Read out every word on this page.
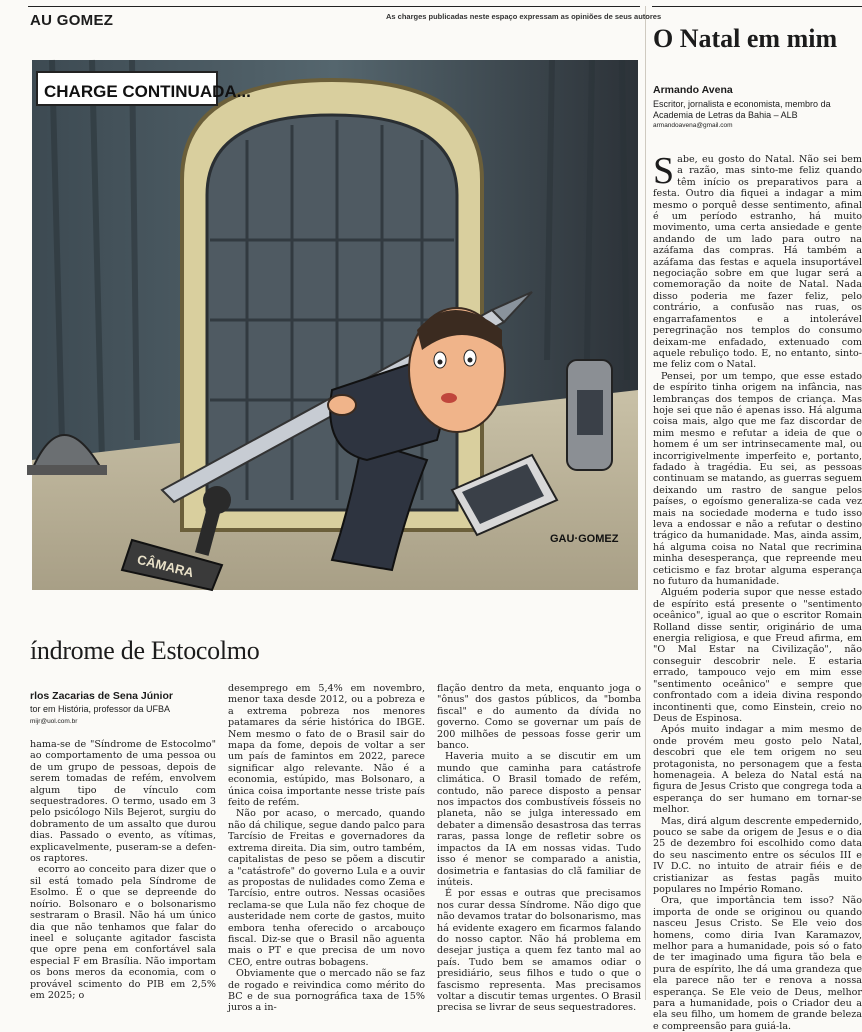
AU GOMEZ	As charges publicadas neste espaço expressam as opiniões de seus autores
CÂMARA
CHARGE CONTINUADA...
GAU·GOMEZ
índrome de Estocolmo
rlos Zacarias de Sena Júnior
tor em História, professor da UFBA
mijr@uol.com.br

hama-se de "Síndrome de Estocolmo" ao comportamento de uma pessoa ou de um grupo de pessoas, depois de serem tomadas de refém, envolvem algum tipo de vínculo com sequestradores. O termo, usado em 3 pelo psicólogo Nils Bejerot, surgiu do dobramento de um assalto que durou dias. Passado o evento, as vítimas, explicavelmente, puseram-se a defen- os raptores.

ecorro ao conceito para dizer que o sil está tomado pela Síndrome de Esolmo. É o que se depreende do noírio. Bolsonaro e o bolsonarismo sestraram o Brasil. Não há um único dia que não tenhamos que falar do ineel e soluçante agitador fascista que opre pena em confortável sala especial F em Brasília. Não importam os bons meros da economia, com o provável scimento do PIB em 2,5% em 2025; o

desemprego em 5,4% em novembro, menor taxa desde 2012, ou a pobreza e a extrema pobreza nos menores patamares da série histórica do IBGE. Nem mesmo o fato de o Brasil sair do mapa da fome, depois de voltar a ser um país de famintos em 2022, parece significar algo relevante. Não é a economia, estúpido, mas Bolsonaro, a única coisa importante nesse triste país feito de refém.

Não por acaso, o mercado, quando não dá chilique, segue dando palco para Tarcísio de Freitas e governadores da extrema direita. Dia sim, outro também, capitalistas de peso se põem a discutir a "catástrofe" do governo Lula e a ouvir as propostas de nulidades como Zema e Tarcísio, entre outros. Nessas ocasiões reclama-se que Lula não fez choque de austeridade nem corte de gastos, muito embora tenha oferecido o arcabouço fiscal. Diz-se que o Brasil não aguenta mais o PT e que precisa de um novo CEO, entre outras bobagens.

Obviamente que o mercado não se faz de rogado e reivindica como mérito do BC e de sua pornográfica taxa de 15% juros a in-

flação dentro da meta, enquanto joga o "ônus" dos gastos públicos, da "bomba fiscal" e do aumento da dívida no governo. Como se governar um país de 200 milhões de pessoas fosse gerir um banco.

Haveria muito a se discutir em um mundo que caminha para catástrofe climática. O Brasil tomado de refém, contudo, não parece disposto a pensar nos impactos dos combustíveis fósseis no planeta, não se julga interessado em debater a dimensão desastrosa das terras raras, passa longe de refletir sobre os impactos da IA em nossas vidas. Tudo isso é menor se comparado a anistia, dosimetria e fantasias do clã familiar de inúteis.

É por essas e outras que precisamos nos curar dessa Síndrome. Não digo que não devamos tratar do bolsonarismo, mas há evidente exagero em ficarmos falando do nosso captor. Não há problema em desejar justiça a quem fez tanto mal ao país. Tudo bem se amamos odiar o presidiário, seus filhos e tudo o que o fascismo representa. Mas precisamos voltar a discutir temas urgentes. O Brasil precisa se livrar de seus sequestradores.

O Natal em mim
Armando Avena
Escritor, jornalista e economista, membro da
Academia de Letras da Bahia – ALB
armandoavena@gmail.com

Sabe, eu gosto do Natal. Não sei bem a razão, mas sinto-me feliz quando têm início os preparativos para a festa. Outro dia fiquei a indagar a mim mesmo o porquê desse sentimento, afinal é um período estranho, há muito movimento, uma certa ansiedade e gente andando de um lado para outro na azáfama das compras. Há também a azáfama das festas e aquela insuportável negociação sobre em que lugar será a comemoração da noite de Natal. Nada disso poderia me fazer feliz, pelo contrário, a confusão nas ruas, os engarrafamentos e a intolerável peregrinação nos templos do consumo deixam-me enfadado, extenuado com aquele rebuliço todo. E, no entanto, sinto-me feliz com o Natal.

Pensei, por um tempo, que esse estado de espírito tinha origem na infância, nas lembranças dos tempos de criança. Mas hoje sei que não é apenas isso. Há alguma coisa mais, algo que me faz discordar de mim mesmo e refutar a ideia de que o homem é um ser intrinsecamente mal, ou incorrigivelmente imperfeito e, portanto, fadado à tragédia. Eu sei, as pessoas continuam se matando, as guerras seguem deixando um rastro de sangue pelos países, o egoísmo generaliza-se cada vez mais na sociedade moderna e tudo isso leva a endossar e não a refutar o destino trágico da humanidade. Mas, ainda assim, há alguma coisa no Natal que recrimina minha desesperança, que repreende meu ceticismo e faz brotar alguma esperança no futuro da humanidade.

Alguém poderia supor que nesse estado de espírito está presente o "sentimento oceânico", igual ao que o escritor Romain Rolland disse sentir, originário de uma energia religiosa, e que Freud afirma, em "O Mal Estar na Civilização", não conseguir descobrir nele. E estaria errado, tampouco vejo em mim esse "sentimento oceânico" e sempre que confrontado com a ideia divina respondo incontinenti que, como Einstein, creio no Deus de Espinosa.

Após muito indagar a mim mesmo de onde provém meu gosto pelo Natal, descobri que ele tem origem no seu protagonista, no personagem que a festa homenageia. A beleza do Natal está na figura de Jesus Cristo que congrega toda a esperança do ser humano em tornar-se melhor.

Mas, dirá algum descrente empedernido, pouco se sabe da origem de Jesus e o dia 25 de dezembro foi escolhido como data do seu nascimento entre os séculos III e IV D.C. no intuito de atrair fiéis e de cristianizar as festas pagãs muito populares no Império Romano.

Ora, que importância tem isso? Não importa de onde se originou ou quando nasceu Jesus Cristo. Se Ele veio dos homens, como diria Ivan Karamazov, melhor para a humanidade, pois só o fato de ter imaginado uma figura tão bela e pura de espírito, lhe dá uma grandeza que ela parece não ter e renova a nossa esperança. Se Ele veio de Deus, melhor para a humanidade, pois o Criador deu a ela seu filho, um homem de grande beleza e compreensão para guiá-la.
